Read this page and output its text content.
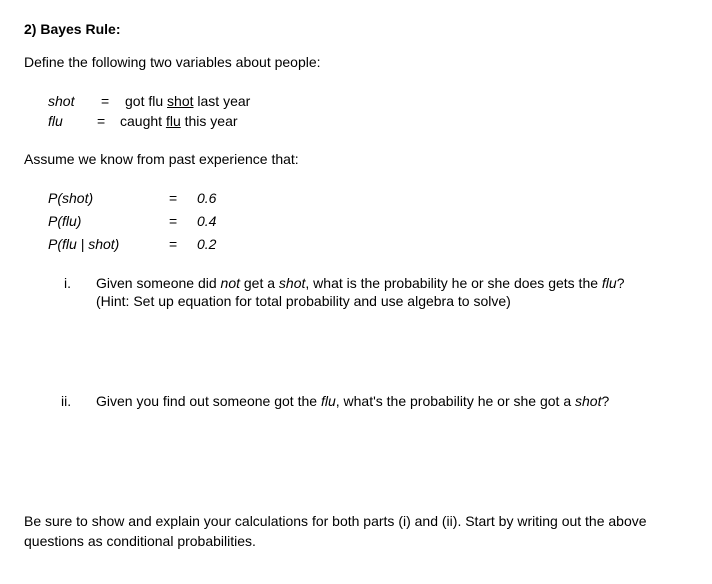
2) Bayes Rule:
Define the following two variables about people:
shot = got flu shot last year
flu = caught flu this year
Assume we know from past experience that:
P(shot)	= 0.6
P(flu)	= 0.4
P(flu | shot)	= 0.2
i. Given someone did not get a shot, what is the probability he or she does gets the flu?
(Hint: Set up equation for total probability and use algebra to solve)
ii. Given you find out someone got the flu, what's the probability he or she got a shot?
Be sure to show and explain your calculations for both parts (i) and (ii). Start by writing out the above questions as conditional probabilities.
